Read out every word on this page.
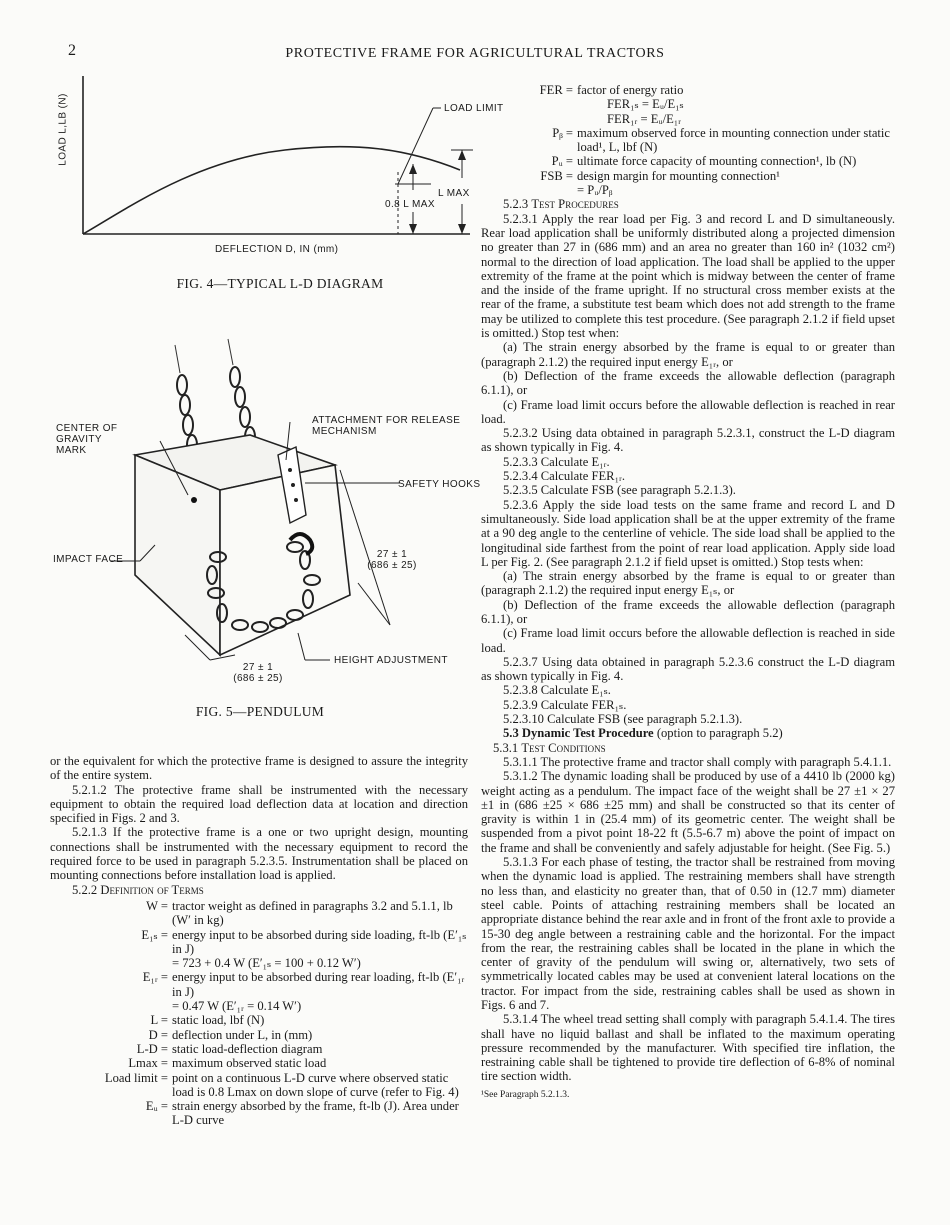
2	PROTECTIVE FRAME FOR AGRICULTURAL TRACTORS
LOAD L,LB (N)	LOAD LIMIT
L MAX
0.8 L MAX
DEFLECTION D, IN (mm)
FIG. 4—TYPICAL L-D DIAGRAM
CENTER OF GRAVITY MARK
ATTACHMENT FOR RELEASE MECHANISM
SAFETY HOOKS
IMPACT FACE	27 ± 1
(686 ± 25)
HEIGHT ADJUSTMENT
27 ± 1
(686 ± 25)
FIG. 5—PENDULUM

or the equivalent for which the protective frame is designed to assure the integrity of the entire system.

5.2.1.2 The protective frame shall be instrumented with the necessary equipment to obtain the required load deflection data at location and direction specified in Figs. 2 and 3.

5.2.1.3 If the protective frame is a one or two upright design, mounting connections shall be instrumented with the necessary equipment to record the required force to be used in paragraph 5.2.3.5. Instrumentation shall be placed on mounting connections before installation load is applied.

5.2.2 Definition of Terms

W = tractor weight as defined in paragraphs 3.2 and 5.1.1, lb (W′ in kg)
E₁ₛ = energy input to be absorbed during side loading, ft-lb (E′₁ₛ in J)
= 723 + 0.4 W (E′₁ₛ = 100 + 0.12 W′)
E₁ᵣ = energy input to be absorbed during rear loading, ft-lb (E′₁ᵣ in J)
= 0.47 W (E′₁ᵣ = 0.14 W′)
L = static load, lbf (N)
D = deflection under L, in (mm)
L-D = static load-deflection diagram
Lmax = maximum observed static load
Load limit = point on a continuous L-D curve where observed static load is 0.8 Lmax on down slope of curve (refer to Fig. 4)
Eᵤ = strain energy absorbed by the frame, ft-lb (J). Area under L-D curve
FER = factor of energy ratio
FER₁ₛ = Eᵤ/E₁ₛ
FER₁ᵣ = Eᵤ/E₁ᵣ
Pᵦ = maximum observed force in mounting connection under static load¹, L, lbf (N)
Pᵤ = ultimate force capacity of mounting connection¹, lb (N)
FSB = design margin for mounting connection¹
= Pᵤ/Pᵦ

5.2.3 Test Procedures

5.2.3.1 Apply the rear load per Fig. 3 and record L and D simultaneously. Rear load application shall be uniformly distributed along a projected dimension no greater than 27 in (686 mm) and an area no greater than 160 in² (1032 cm²) normal to the direction of load application. The load shall be applied to the upper extremity of the frame at the point which is midway between the center of frame and the inside of the frame upright. If no structural cross member exists at the rear of the frame, a substitute test beam which does not add strength to the frame may be utilized to complete this test procedure. (See paragraph 2.1.2 if field upset is omitted.) Stop test when:

(a) The strain energy absorbed by the frame is equal to or greater than (paragraph 2.1.2) the required input energy E₁ᵣ, or

(b) Deflection of the frame exceeds the allowable deflection (paragraph 6.1.1), or

(c) Frame load limit occurs before the allowable deflection is reached in rear load.

5.2.3.2 Using data obtained in paragraph 5.2.3.1, construct the L-D diagram as shown typically in Fig. 4.

5.2.3.3 Calculate E₁ᵣ.

5.2.3.4 Calculate FER₁ᵣ.

5.2.3.5 Calculate FSB (see paragraph 5.2.1.3).

5.2.3.6 Apply the side load tests on the same frame and record L and D simultaneously. Side load application shall be at the upper extremity of the frame at a 90 deg angle to the centerline of vehicle. The side load shall be applied to the longitudinal side farthest from the point of rear load application. Apply side load L per Fig. 2. (See paragraph 2.1.2 if field upset is omitted.) Stop tests when:

(a) The strain energy absorbed by the frame is equal to or greater than (paragraph 2.1.2) the required input energy E₁ₛ, or

(b) Deflection of the frame exceeds the allowable deflection (paragraph 6.1.1), or

(c) Frame load limit occurs before the allowable deflection is reached in side load.

5.2.3.7 Using data obtained in paragraph 5.2.3.6 construct the L-D diagram as shown typically in Fig. 4.

5.2.3.8 Calculate E₁ₛ.

5.2.3.9 Calculate FER₁ₛ.

5.2.3.10 Calculate FSB (see paragraph 5.2.1.3).

5.3 Dynamic Test Procedure (option to paragraph 5.2)

5.3.1 Test Conditions

5.3.1.1 The protective frame and tractor shall comply with paragraph 5.4.1.1.

5.3.1.2 The dynamic loading shall be produced by use of a 4410 lb (2000 kg) weight acting as a pendulum. The impact face of the weight shall be 27 ±1 × 27 ±1 in (686 ±25 × 686 ±25 mm) and shall be constructed so that its center of gravity is within 1 in (25.4 mm) of its geometric center. The weight shall be suspended from a pivot point 18-22 ft (5.5-6.7 m) above the point of impact on the frame and shall be conveniently and safely adjustable for height. (See Fig. 5.)

5.3.1.3 For each phase of testing, the tractor shall be restrained from moving when the dynamic load is applied. The restraining members shall have strength no less than, and elasticity no greater than, that of 0.50 in (12.7 mm) diameter steel cable. Points of attaching restraining members shall be located an appropriate distance behind the rear axle and in front of the front axle to provide a 15-30 deg angle between a restraining cable and the horizontal. For the impact from the rear, the restraining cables shall be located in the plane in which the center of gravity of the pendulum will swing or, alternatively, two sets of symmetrically located cables may be used at convenient lateral locations on the tractor. For impact from the side, restraining cables shall be used as shown in Figs. 6 and 7.

5.3.1.4 The wheel tread setting shall comply with paragraph 5.4.1.4. The tires shall have no liquid ballast and shall be inflated to the maximum operating pressure recommended by the manufacturer. With specified tire inflation, the restraining cable shall be tightened to provide tire deflection of 6-8% of nominal tire section width.

¹See Paragraph 5.2.1.3.
